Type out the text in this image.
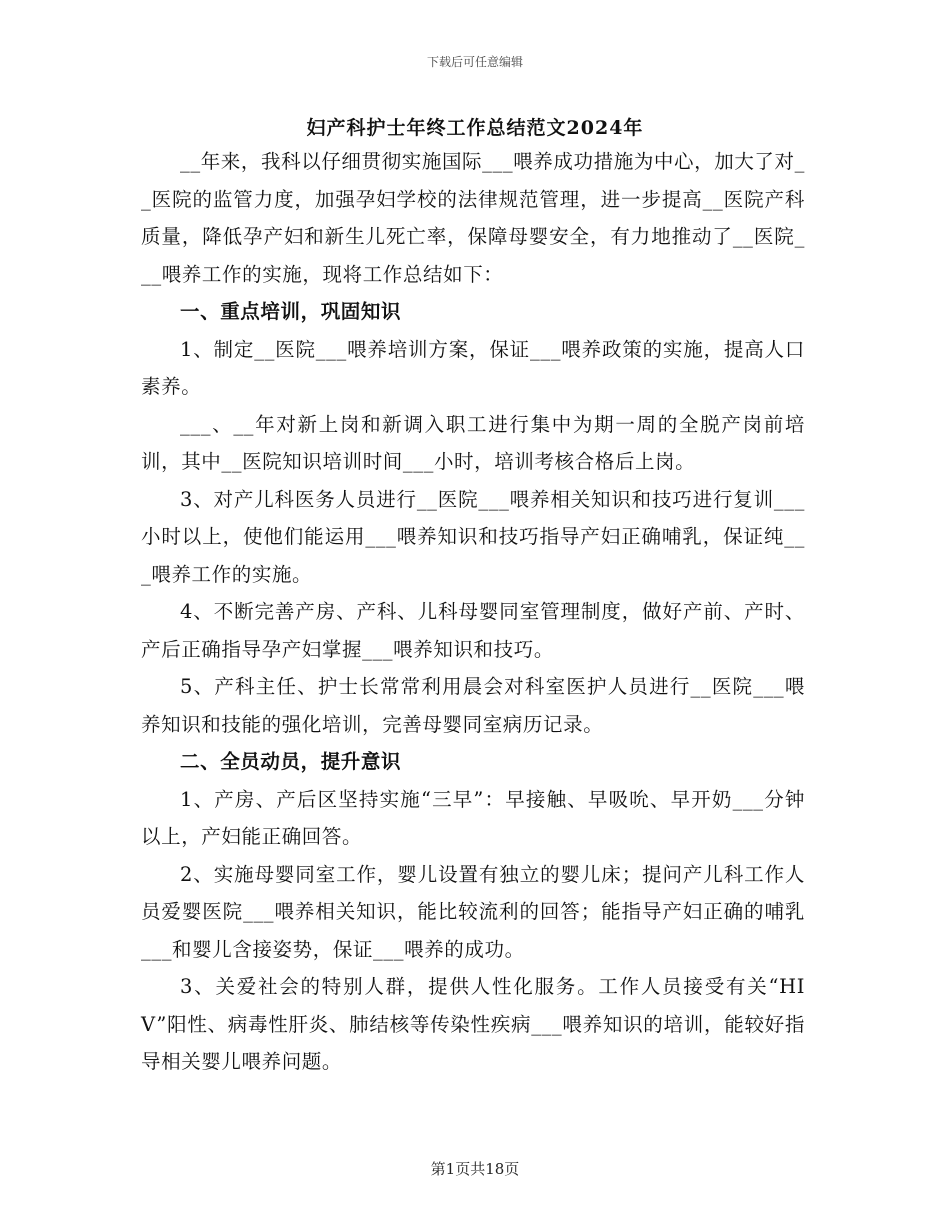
下载后可任意编辑
妇产科护士年终工作总结范文2024年

__年来，我科以仔细贯彻实施国际___喂养成功措施为中心，加大了对__医院的监管力度，加强孕妇学校的法律规范管理，进一步提高__医院产科质量，降低孕产妇和新生儿死亡率，保障母婴安全，有力地推动了__医院___喂养工作的实施，现将工作总结如下：

一、重点培训，巩固知识

1、制定__医院___喂养培训方案，保证___喂养政策的实施，提高人口素养。

___、__年对新上岗和新调入职工进行集中为期一周的全脱产岗前培训，其中__医院知识培训时间___小时，培训考核合格后上岗。

3、对产儿科医务人员进行__医院___喂养相关知识和技巧进行复训___小时以上，使他们能运用___喂养知识和技巧指导产妇正确哺乳，保证纯___喂养工作的实施。

4、不断完善产房、产科、儿科母婴同室管理制度，做好产前、产时、产后正确指导孕产妇掌握___喂养知识和技巧。

5、产科主任、护士长常常利用晨会对科室医护人员进行__医院___喂养知识和技能的强化培训，完善母婴同室病历记录。

二、全员动员，提升意识

1、产房、产后区坚持实施“三早”：早接触、早吸吮、早开奶___分钟以上，产妇能正确回答。

2、实施母婴同室工作，婴儿设置有独立的婴儿床；提问产儿科工作人员爱婴医院___喂养相关知识，能比较流利的回答；能指导产妇正确的哺乳___和婴儿含接姿势，保证___喂养的成功。

3、关爱社会的特别人群，提供人性化服务。工作人员接受有关“HIV”阳性、病毒性肝炎、肺结核等传染性疾病___喂养知识的培训，能较好指导相关婴儿喂养问题。

第1页共18页
